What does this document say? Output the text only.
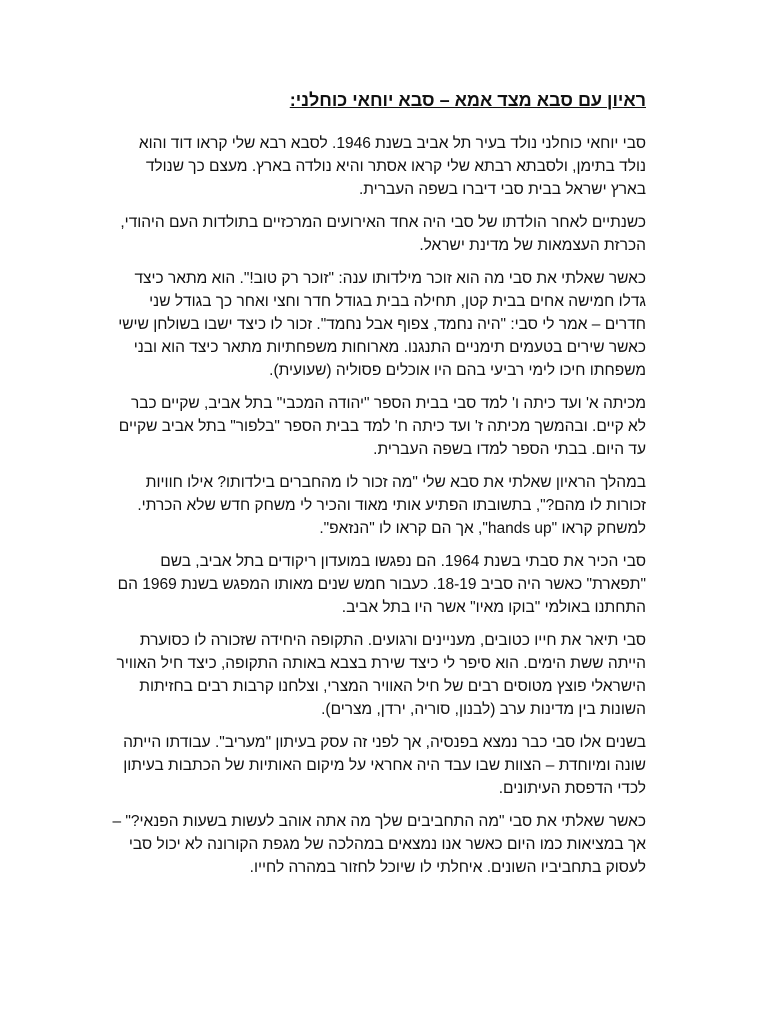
ראיון עם סבא מצד אמא – סבא יוחאי כוחלני:

סבי יוחאי כוחלני נולד בעיר תל אביב בשנת 1946. לסבא רבא שלי קראו דוד והוא נולד בתימן, ולסבתא רבתא שלי קראו אסתר והיא נולדה בארץ. מעצם כך שנולד בארץ ישראל בבית סבי דיברו בשפה העברית.

כשנתיים לאחר הולדתו של סבי היה אחד האירועים המרכזיים בתולדות העם היהודי, הכרזת העצמאות של מדינת ישראל.

כאשר שאלתי את סבי מה הוא זוכר מילדותו ענה: "זוכר רק טוב!". הוא מתאר כיצד גדלו חמישה אחים בבית קטן, תחילה בבית בגודל חדר וחצי ואחר כך בגודל שני חדרים – אמר לי סבי: "היה נחמד, צפוף אבל נחמד". זכור לו כיצד ישבו בשולחן שישי כאשר שירים בטעמים תימניים התנגנו. מארוחות משפחתיות מתאר כיצד הוא ובני משפחתו חיכו לימי רביעי בהם היו אוכלים פסוליה (שעועית).

מכיתה א' ועד כיתה ו' למד סבי בבית הספר "יהודה המכבי" בתל אביב, שקיים כבר לא קיים. ובהמשך מכיתה ז' ועד כיתה ח' למד בבית הספר "בלפור" בתל אביב שקיים עד היום. בבתי הספר למדו בשפה העברית.

במהלך הראיון שאלתי את סבא שלי "מה זכור לו מהחברים בילדותו? אילו חוויות זכורות לו מהם?", בתשובתו הפתיע אותי מאוד והכיר לי משחק חדש שלא הכרתי. למשחק קראו "hands up", אך הם קראו לו "הנזאפ".

סבי הכיר את סבתי בשנת 1964. הם נפגשו במועדון ריקודים בתל אביב, בשם "תפארת" כאשר היה סביב 18-19. כעבור חמש שנים מאותו המפגש בשנת 1969 הם התחתנו באולמי "בוקו מאיו" אשר היו בתל אביב.

סבי תיאר את חייו כטובים, מעניינים ורגועים. התקופה היחידה שזכורה לו כסוערת הייתה ששת הימים. הוא סיפר לי כיצד שירת בצבא באותה התקופה, כיצד חיל האוויר הישראלי פוצץ מטוסים רבים של חיל האוויר המצרי, וצלחנו קרבות רבים בחזיתות השונות בין מדינות ערב (לבנון, סוריה, ירדן, מצרים).

בשנים אלו סבי כבר נמצא בפנסיה, אך לפני זה עסק בעיתון "מעריב". עבודתו הייתה שונה ומיוחדת – הצוות שבו עבד היה אחראי על מיקום האותיות של הכתבות בעיתון לכדי הדפסת העיתונים.

כאשר שאלתי את סבי "מה התחביבים שלך מה אתה אוהב לעשות בשעות הפנאי?" – אך במציאות כמו היום כאשר אנו נמצאים במהלכה של מגפת הקורונה לא יכול סבי לעסוק בתחביביו השונים. איחלתי לו שיוכל לחזור במהרה לחייו.
